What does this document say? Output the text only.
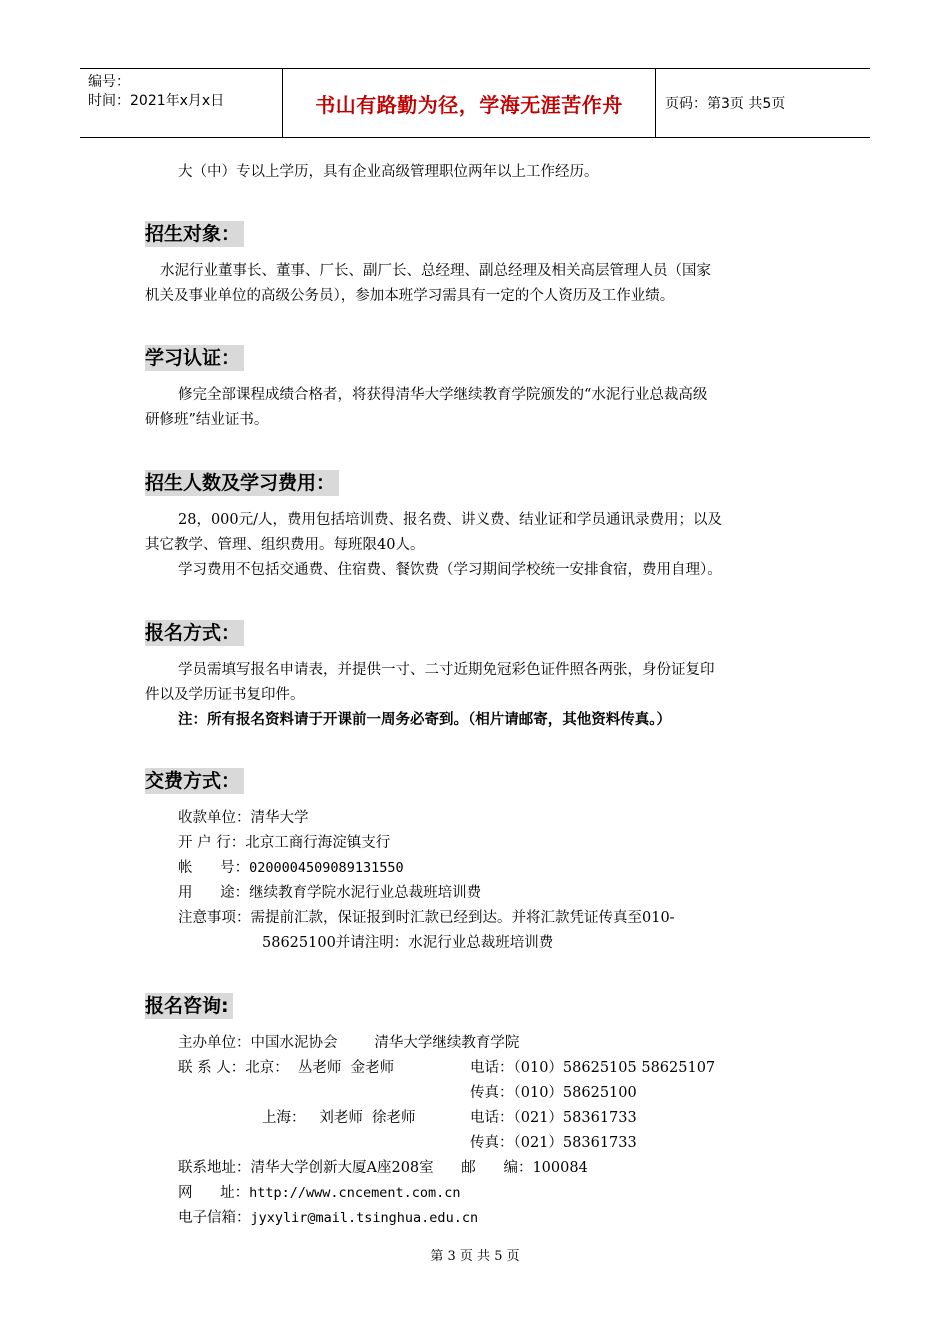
编号：
时间：2021年x月x日	书山有路勤为径，学海无涯苦作舟	页码：第3页 共5页
大（中）专以上学历，具有企业高级管理职位两年以上工作经历。
招生对象：
水泥行业董事长、董事、厂长、副厂长、总经理、副总经理及相关高层管理人员（国家
机关及事业单位的高级公务员），参加本班学习需具有一定的个人资历及工作业绩。
学习认证：
修完全部课程成绩合格者，将获得清华大学继续教育学院颁发的“水泥行业总裁高级
研修班”结业证书。
招生人数及学习费用：
28，000元/人，费用包括培训费、报名费、讲义费、结业证和学员通讯录费用；以及
其它教学、管理、组织费用。每班限40人。
学习费用不包括交通费、住宿费、餐饮费（学习期间学校统一安排食宿，费用自理）。
报名方式：
学员需填写报名申请表，并提供一寸、二寸近期免冠彩色证件照各两张，身份证复印
件以及学历证书复印件。
注：所有报名资料请于开课前一周务必寄到。（相片请邮寄，其他资料传真。）
交费方式：
收款单位：清华大学
开 户 行：北京工商行海淀镇支行
帐      号：0200004509089131550
用      途：继续教育学院水泥行业总裁班培训费
注意事项：需提前汇款，保证报到时汇款已经到达。并将汇款凭证传真至010-
58625100并请注明：水泥行业总裁班培训费
报名咨询:
主办单位：中国水泥协会        清华大学继续教育学院
联 系 人：北京：  丛老师  金老师	电话：（010）58625105 58625107
传真：（010）58625100
上海：   刘老师  徐老师	电话：（021）58361733
传真：（021）58361733
联系地址：清华大学创新大厦A座208室      邮      编：100084
网      址：http://www.cncement.com.cn
电子信箱：jyxylir@mail.tsinghua.edu.cn
第 3 页 共 5 页
